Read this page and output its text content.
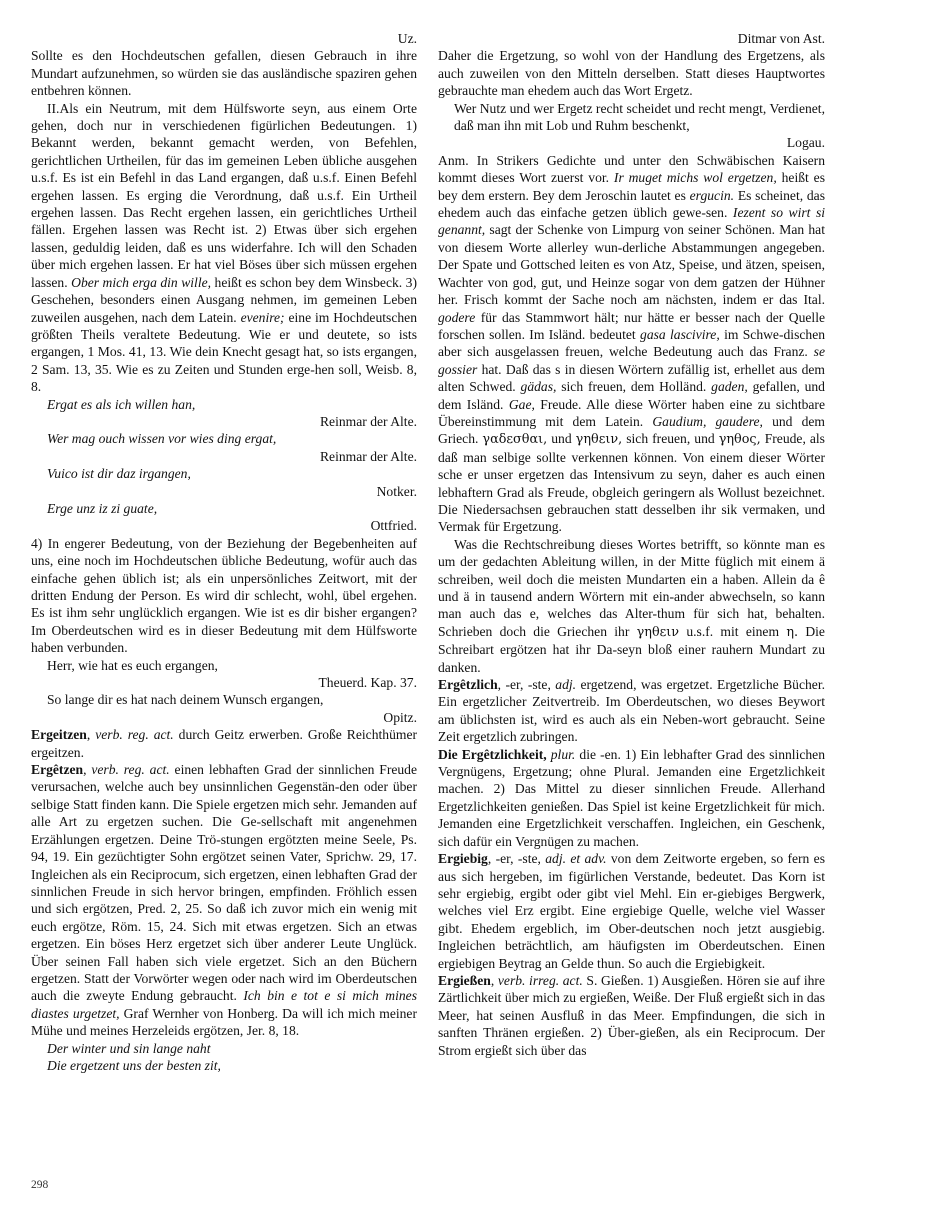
Uz.

Sollte es den Hochdeutschen gefallen, diesen Gebrauch in ihre Mundart aufzunehmen, so würden sie das ausländische spaziren gehen entbehren können.

II.Als ein Neutrum, mit dem Hülfsworte seyn, aus einem Orte gehen, doch nur in verschiedenen figürlichen Bedeutungen. 1) Bekannt werden, bekannt gemacht werden, von Befehlen, gerichtlichen Urtheilen, für das im gemeinen Leben übliche ausgehen u.s.f. Es ist ein Befehl in das Land ergangen, daß u.s.f. Einen Befehl ergehen lassen. Es erging die Verordnung, daß u.s.f. Ein Urtheil ergehen lassen. Das Recht ergehen lassen, ein gerichtliches Urtheil fällen. Ergehen lassen was Recht ist. 2) Etwas über sich ergehen lassen, geduldig leiden, daß es uns widerfahre. Ich will den Schaden über mich ergehen lassen. Er hat viel Böses über sich müssen ergehen lassen. Ober mich erga din wille, heißt es schon bey dem Winsbeck. 3) Geschehen, besonders einen Ausgang nehmen, im gemeinen Leben zuweilen ausgehen, nach dem Latein. evenire; eine im Hochdeutschen größten Theils veraltete Bedeutung. Wie er und deutete, so ists ergangen, 1 Mos. 41, 13. Wie dein Knecht gesagt hat, so ists ergangen, 2 Sam. 13, 35. Wie es zu Zeiten und Stunden erge-hen soll, Weisb. 8, 8.

Ergat es als ich willen han,

Reinmar der Alte.

Wer mag ouch wissen vor wies ding ergat,

Reinmar der Alte.

Vuico ist dir daz irgangen,

Notker.

Erge unz iz zi guate,

Ottfried.

4) In engerer Bedeutung, von der Beziehung der Begebenheiten auf uns, eine noch im Hochdeutschen übliche Bedeutung, wofür auch das einfache gehen üblich ist; als ein unpersönliches Zeitwort, mit der dritten Endung der Person. Es wird dir schlecht, wohl, übel ergehen. Es ist ihm sehr unglücklich ergangen. Wie ist es dir bisher ergangen? Im Oberdeutschen wird es in dieser Bedeutung mit dem Hülfsworte haben verbunden.

Herr, wie hat es euch ergangen,

Theuerd. Kap. 37.

So lange dir es hat nach deinem Wunsch ergangen,

Opitz.

Ergeitzen, verb. reg. act. durch Geitz erwerben. Große Reichthümer ergeitzen.

Ergêtzen, verb. reg. act. einen lebhaften Grad der sinnlichen Freude verursachen, welche auch bey unsinnlichen Gegenstän-den oder über selbige Statt finden kann. Die Spiele ergetzen mich sehr. Jemanden auf alle Art zu ergetzen suchen. Die Ge-sellschaft mit angenehmen Erzählungen ergetzen. Deine Trö-stungen ergötzten meine Seele, Ps. 94, 19. Ein gezüchtigter Sohn ergötzet seinen Vater, Sprichw. 29, 17. Ingleichen als ein Reciprocum, sich ergetzen, einen lebhaften Grad der sinnlichen Freude in sich hervor bringen, empfinden. Fröhlich essen und sich ergötzen, Pred. 2, 25. So daß ich zuvor mich ein wenig mit euch ergötze, Röm. 15, 24. Sich mit etwas ergetzen. Sich an etwas ergetzen. Ein böses Herz ergetzet sich über anderer Leute Unglück. Über seinen Fall haben sich viele ergetzet. Sich an den Büchern ergetzen. Statt der Vorwörter wegen oder nach wird im Oberdeutschen auch die zweyte Endung gebraucht. Ich bin e tot e si mich mines diastes urgetzet, Graf Wernher von Honberg. Da will ich mich meiner Mühe und meines Herzeleids ergötzen, Jer. 8, 18.

Der winter und sin lange naht

Die ergetzent uns der besten zit,

Ditmar von Ast.

Daher die Ergetzung, so wohl von der Handlung des Ergetzens, als auch zuweilen von den Mitteln derselben. Statt dieses Hauptwortes gebrauchte man ehedem auch das Wort Ergetz.

Wer Nutz und wer Ergetz recht scheidet und recht mengt, Verdienet, daß man ihn mit Lob und Ruhm beschenkt,

Logau.

Anm. In Strikers Gedichte und unter den Schwäbischen Kaisern kommt dieses Wort zuerst vor. Ir muget michs wol ergetzen, heißt es bey dem erstern. Bey dem Jeroschin lautet es ergucin. Es scheinet, das ehedem auch das einfache getzen üblich gewe-sen. Iezent so wirt si genannt, sagt der Schenke von Limpurg von seiner Schönen. Man hat von diesem Worte allerley wun-derliche Abstammungen angegeben. Der Spate und Gottsched leiten es von Atz, Speise, und ätzen, speisen, Wachter von god, gut, und Heinze sogar von dem gatzen der Hühner her. Frisch kommt der Sache noch am nächsten, indem er das Ital. godere für das Stammwort hält; nur hätte er besser nach der Quelle forschen sollen. Im Isländ. bedeutet gasa lascivire, im Schwe-dischen aber sich ausgelassen freuen, welche Bedeutung auch das Franz. se gossier hat. Daß das s in diesen Wörtern zufällig ist, erhellet aus dem alten Schwed. gädas, sich freuen, dem Holländ. gaden, gefallen, und dem Isländ. Gae, Freude. Alle diese Wörter haben eine zu sichtbare Übereinstimmung mit dem Latein. Gaudium, gaudere, und dem Griech. γαδεσθαι, und γηθειν, sich freuen, und γηθος, Freude, als daß man selbige sollte verkennen können. Von einem dieser Wörter sche er unser ergetzen das Intensivum zu seyn, daher es auch einen lebhaftern Grad als Freude, obgleich geringern als Wollust bezeichnet. Die Niedersachsen gebrauchen statt desselben ihr sik vermaken, und Vermak für Ergetzung.

Was die Rechtschreibung dieses Wortes betrifft, so könnte man es um der gedachten Ableitung willen, in der Mitte füglich mit einem ä schreiben, weil doch die meisten Mundarten ein a haben. Allein da ê und ä in tausend andern Wörtern mit ein-ander abwechseln, so kann man auch das e, welches das Alter-thum für sich hat, behalten. Schrieben doch die Griechen ihr γηθειν u.s.f. mit einem η. Die Schreibart ergötzen hat ihr Da-seyn bloß einer rauhern Mundart zu danken.

Ergêtzlich, -er, -ste, adj. ergetzend, was ergetzet. Ergetzliche Bücher. Ein ergetzlicher Zeitvertreib. Im Oberdeutschen, wo dieses Beywort am üblichsten ist, wird es auch als ein Neben-wort gebraucht. Seine Zeit ergetzlich zubringen.

Die Ergêtzlichkeit, plur. die -en. 1) Ein lebhafter Grad des sinnlichen Vergnügens, Ergetzung; ohne Plural. Jemanden eine Ergetzlichkeit machen. 2) Das Mittel zu dieser sinnlichen Freude. Allerhand Ergetzlichkeiten genießen. Das Spiel ist keine Ergetzlichkeit für mich. Jemanden eine Ergetzlichkeit verschaffen. Ingleichen, ein Geschenk, sich dafür ein Vergnügen zu machen.

Ergiebig, -er, -ste, adj. et adv. von dem Zeitworte ergeben, so fern es aus sich hergeben, im figürlichen Verstande, bedeutet. Das Korn ist sehr ergiebig, ergibt oder gibt viel Mehl. Ein er-giebiges Bergwerk, welches viel Erz ergibt. Eine ergiebige Quelle, welche viel Wasser gibt. Ehedem ergeblich, im Ober-deutschen noch jetzt ausgiebig. Ingleichen beträchtlich, am häufigsten im Oberdeutschen. Einen ergiebigen Beytrag an Gelde thun. So auch die Ergiebigkeit.

Ergießen, verb. irreg. act. S. Gießen. 1) Ausgießen. Hören sie auf ihre Zärtlichkeit über mich zu ergießen, Weiße. Der Fluß ergießt sich in das Meer, hat seinen Ausfluß in das Meer. Empfindungen, die sich in sanften Thränen ergießen. 2) Über-gießen, als ein Reciprocum. Der Strom ergießt sich über das

298
